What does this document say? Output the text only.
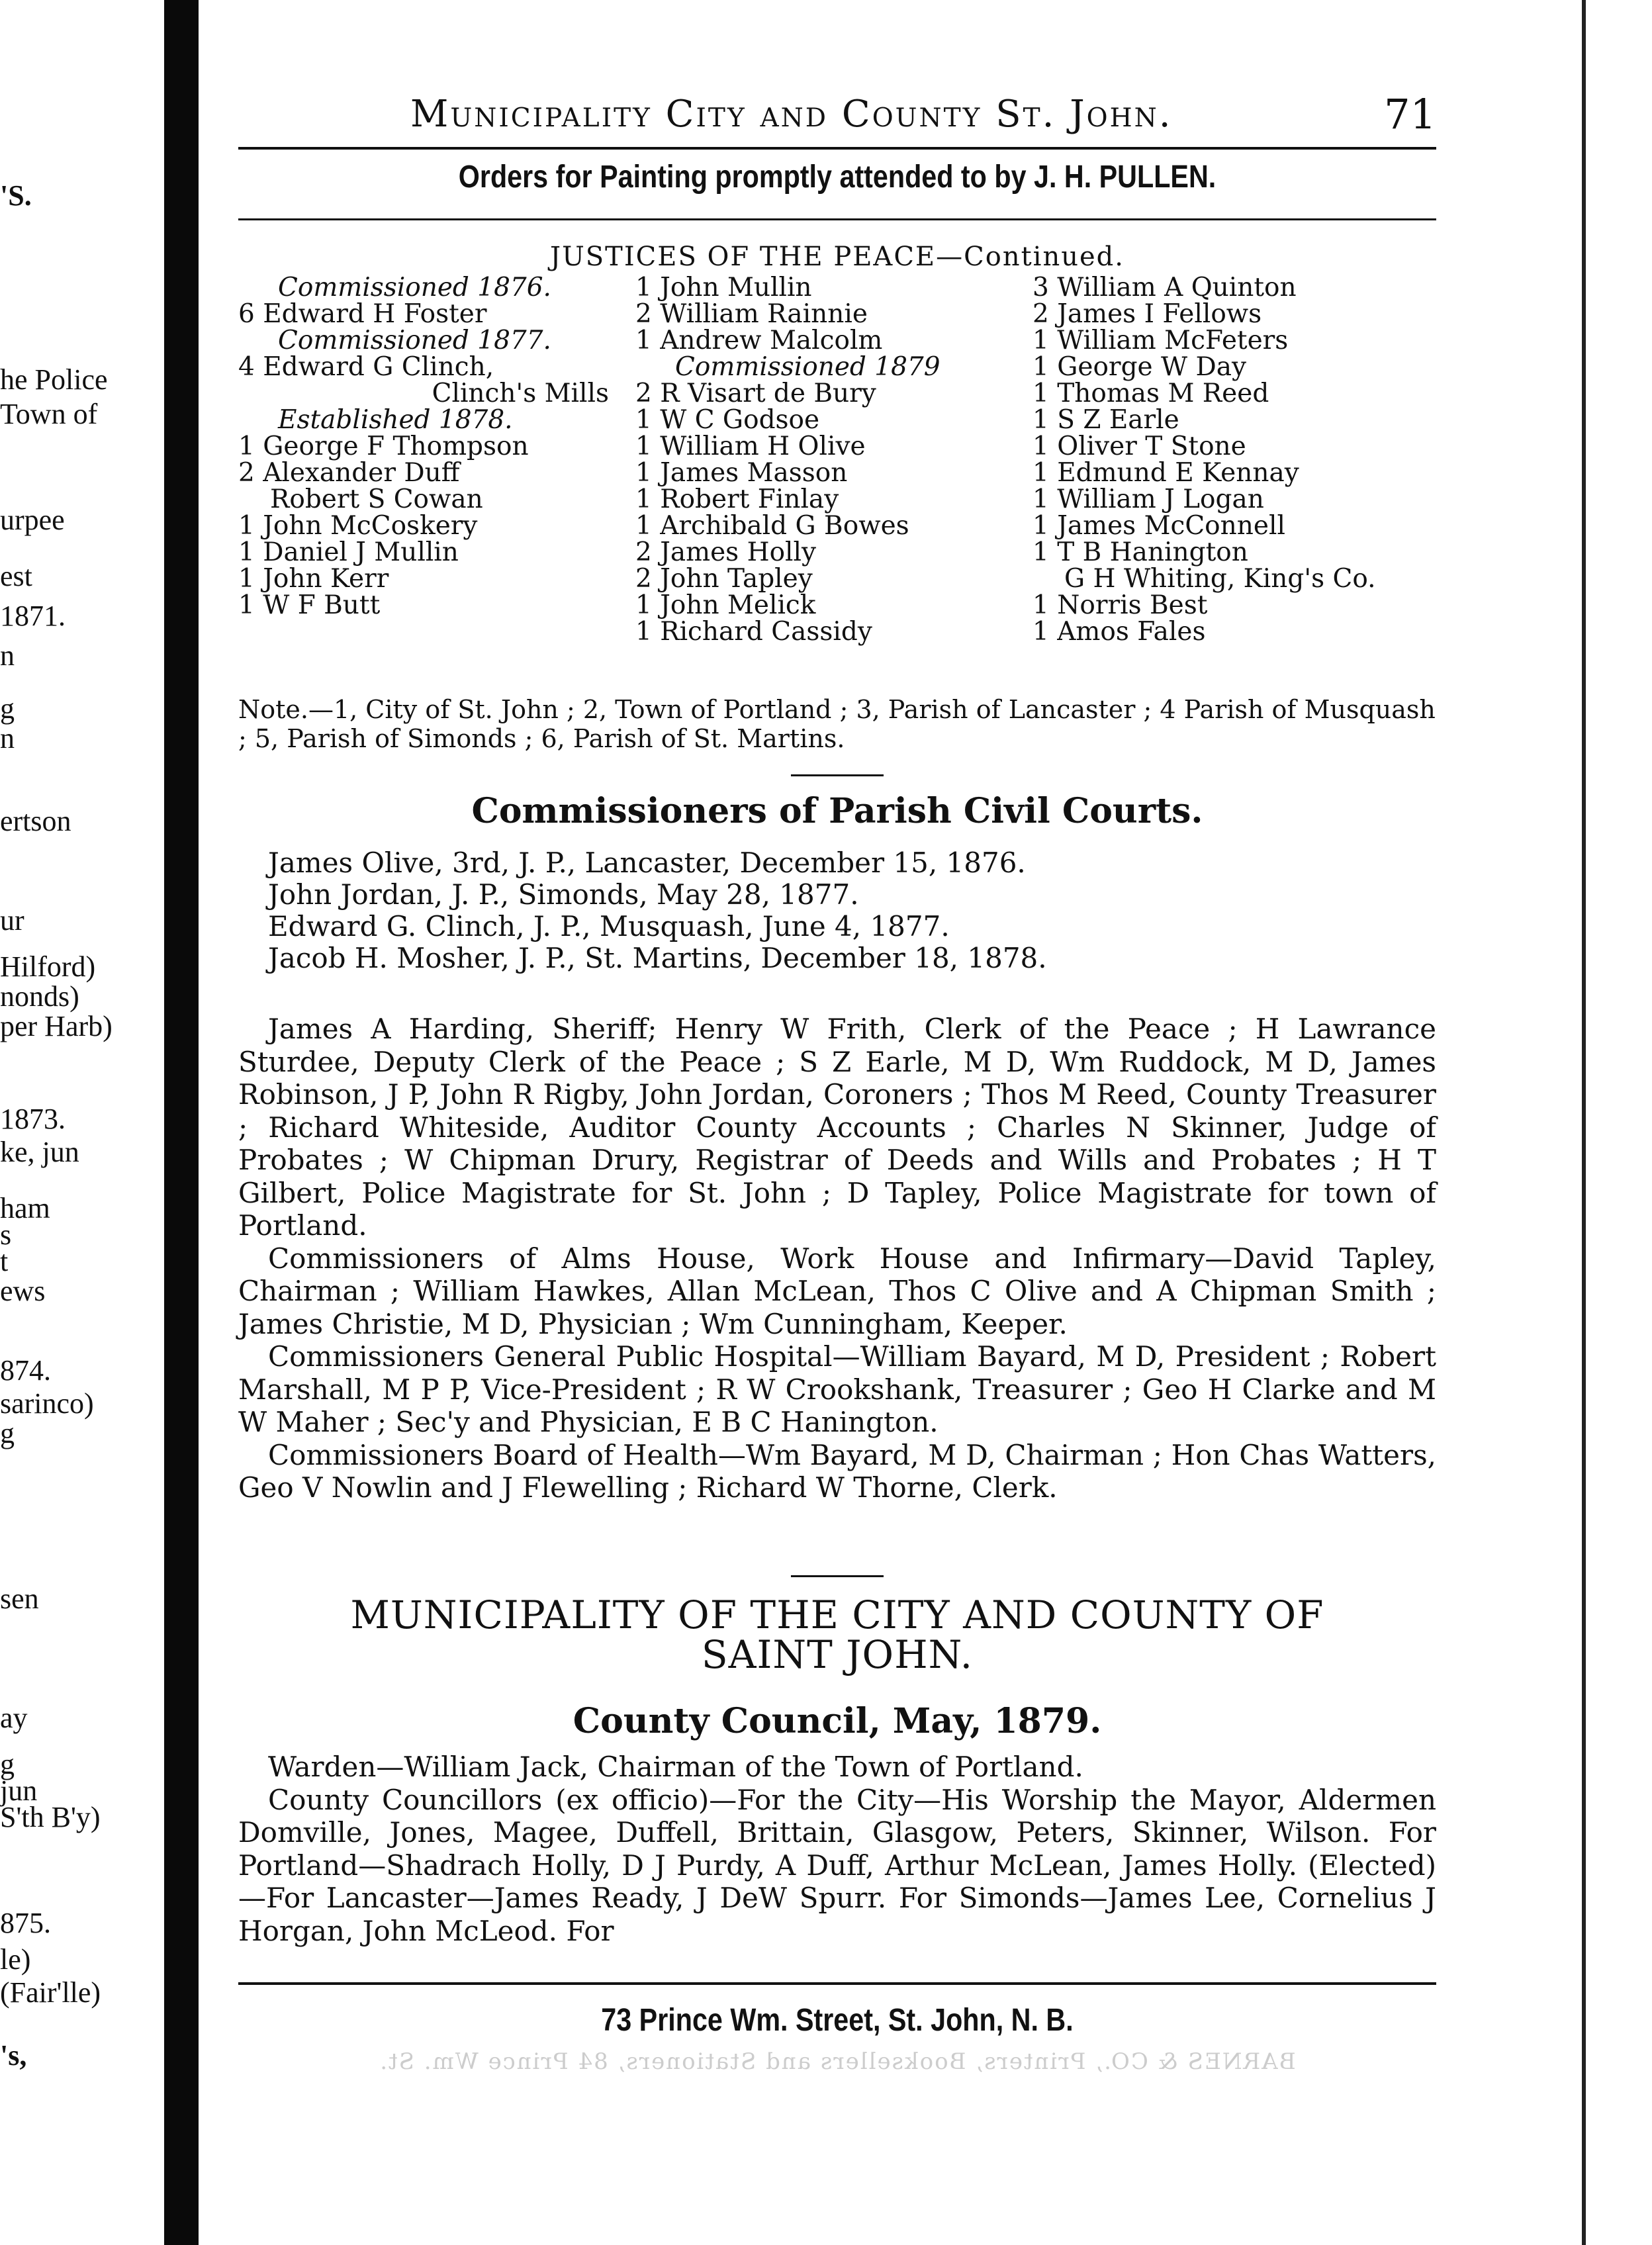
Municipality City and County St. John.	71
Orders for Painting promptly attended to by J. H. PULLEN.
JUSTICES OF THE PEACE—Continued.
Commissioned 1876.
6 Edward H Foster
Commissioned 1877.
4 Edward G Clinch,
Clinch's Mills
Established 1878.
1 George F Thompson
2 Alexander Duff
Robert S Cowan
1 John McCoskery
1 Daniel J Mullin
1 John Kerr
1 W F Butt
1 John Mullin
2 William Rainnie
1 Andrew Malcolm
Commissioned 1879
2 R Visart de Bury
1 W C Godsoe
1 William H Olive
1 James Masson
1 Robert Finlay
1 Archibald G Bowes
2 James Holly
2 John Tapley
1 John Melick
1 Richard Cassidy
3 William A Quinton
2 James I Fellows
1 William McFeters
1 George W Day
1 Thomas M Reed
1 S Z Earle
1 Oliver T Stone
1 Edmund E Kennay
1 William J Logan
1 James McConnell
1 T B Hanington
G H Whiting, King's Co.
1 Norris Best
1 Amos Fales
Note.—1, City of St. John ; 2, Town of Portland ; 3, Parish of Lancaster ; 4 Parish of Musquash ; 5, Parish of Simonds ; 6, Parish of St. Martins.
Commissioners of Parish Civil Courts.
James Olive, 3rd, J. P., Lancaster, December 15, 1876.
John Jordan, J. P., Simonds, May 28, 1877.
Edward G. Clinch, J. P., Musquash, June 4, 1877.
Jacob H. Mosher, J. P., St. Martins, December 18, 1878.

James A Harding, Sheriff; Henry W Frith, Clerk of the Peace ; H Lawrance Sturdee, Deputy Clerk of the Peace ; S Z Earle, M D, Wm Ruddock, M D, James Robinson, J P, John R Rigby, John Jordan, Coroners ; Thos M Reed, County Treasurer ; Richard Whiteside, Auditor County Accounts ; Charles N Skinner, Judge of Probates ; W Chipman Drury, Registrar of Deeds and Wills and Probates ; H T Gilbert, Police Magistrate for St. John ; D Tapley, Police Magistrate for town of Portland.

Commissioners of Alms House, Work House and Infirmary—David Tapley, Chairman ; William Hawkes, Allan McLean, Thos C Olive and A Chipman Smith ; James Christie, M D, Physician ; Wm Cunningham, Keeper.

Commissioners General Public Hospital—William Bayard, M D, President ; Robert Marshall, M P P, Vice-President ; R W Crookshank, Treasurer ; Geo H Clarke and M W Maher ; Sec'y and Physician, E B C Hanington.

Commissioners Board of Health—Wm Bayard, M D, Chairman ; Hon Chas Watters, Geo V Nowlin and J Flewelling ; Richard W Thorne, Clerk.

MUNICIPALITY OF THE CITY AND COUNTY OF
SAINT JOHN.
County Council, May, 1879.

Warden—William Jack, Chairman of the Town of Portland.

County Councillors (ex officio)—For the City—His Worship the Mayor, Aldermen Domville, Jones, Magee, Duffell, Brittain, Glasgow, Peters, Skinner, Wilson. For Portland—Shadrach Holly, D J Purdy, A Duff, Arthur McLean, James Holly. (Elected)—For Lancaster—James Ready, J DeW Spurr. For Simonds—James Lee, Cornelius J Horgan, John McLeod. For

73 Prince Wm. Street, St. John, N. B.
BARNES & CO., Printers, Booksellers and Stationers, 84 Prince Wm. St.
'S.
he Police
Town of
urpee
est
1871.
n
g
n
ertson
ur
Hilford)
nonds)
per Harb)
1873.
ke, jun
ham
s
t
ews
874.
sarinco)
g
sen
ay
g
jun
S'th B'y)
875.
le)
(Fair'lle)
's,
